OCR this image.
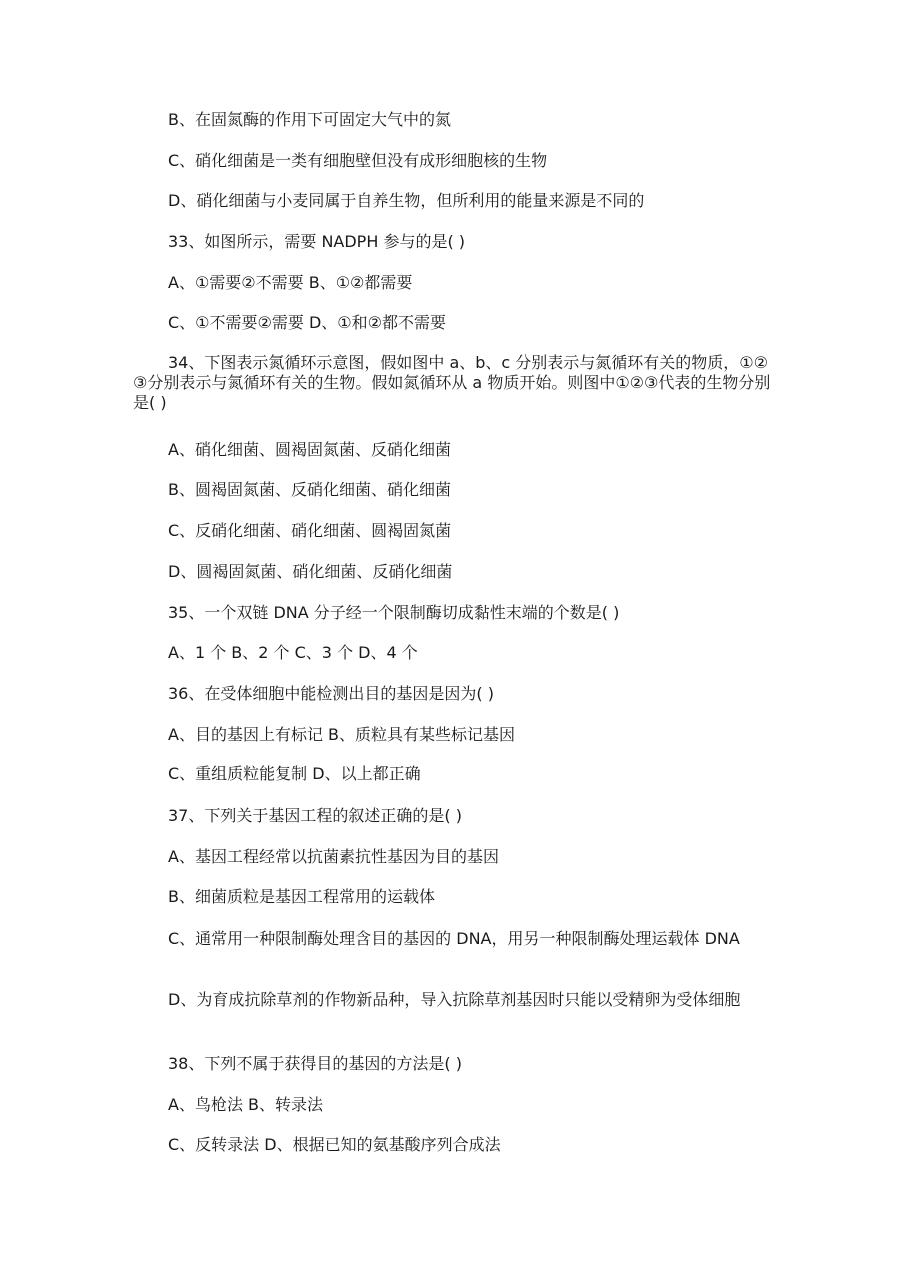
B、在固氮酶的作用下可固定大气中的氮
C、硝化细菌是一类有细胞壁但没有成形细胞核的生物
D、硝化细菌与小麦同属于自养生物，但所利用的能量来源是不同的
33、如图所示，需要 NADPH 参与的是( )
A、①需要②不需要 B、①②都需要
C、①不需要②需要 D、①和②都不需要
34、下图表示氮循环示意图，假如图中 a、b、c 分别表示与氮循环有关的物质，①②③分别表示与氮循环有关的生物。假如氮循环从 a 物质开始。则图中①②③代表的生物分别是( )
A、硝化细菌、圆褐固氮菌、反硝化细菌
B、圆褐固氮菌、反硝化细菌、硝化细菌
C、反硝化细菌、硝化细菌、圆褐固氮菌
D、圆褐固氮菌、硝化细菌、反硝化细菌
35、一个双链 DNA 分子经一个限制酶切成黏性末端的个数是( )
A、1 个 B、2 个 C、3 个 D、4 个
36、在受体细胞中能检测出目的基因是因为( )
A、目的基因上有标记 B、质粒具有某些标记基因
C、重组质粒能复制 D、以上都正确
37、下列关于基因工程的叙述正确的是( )
A、基因工程经常以抗菌素抗性基因为目的基因
B、细菌质粒是基因工程常用的运载体
C、通常用一种限制酶处理含目的基因的 DNA，用另一种限制酶处理运载体 DNA
D、为育成抗除草剂的作物新品种，导入抗除草剂基因时只能以受精卵为受体细胞
38、下列不属于获得目的基因的方法是( )
A、鸟枪法 B、转录法
C、反转录法 D、根据已知的氨基酸序列合成法
